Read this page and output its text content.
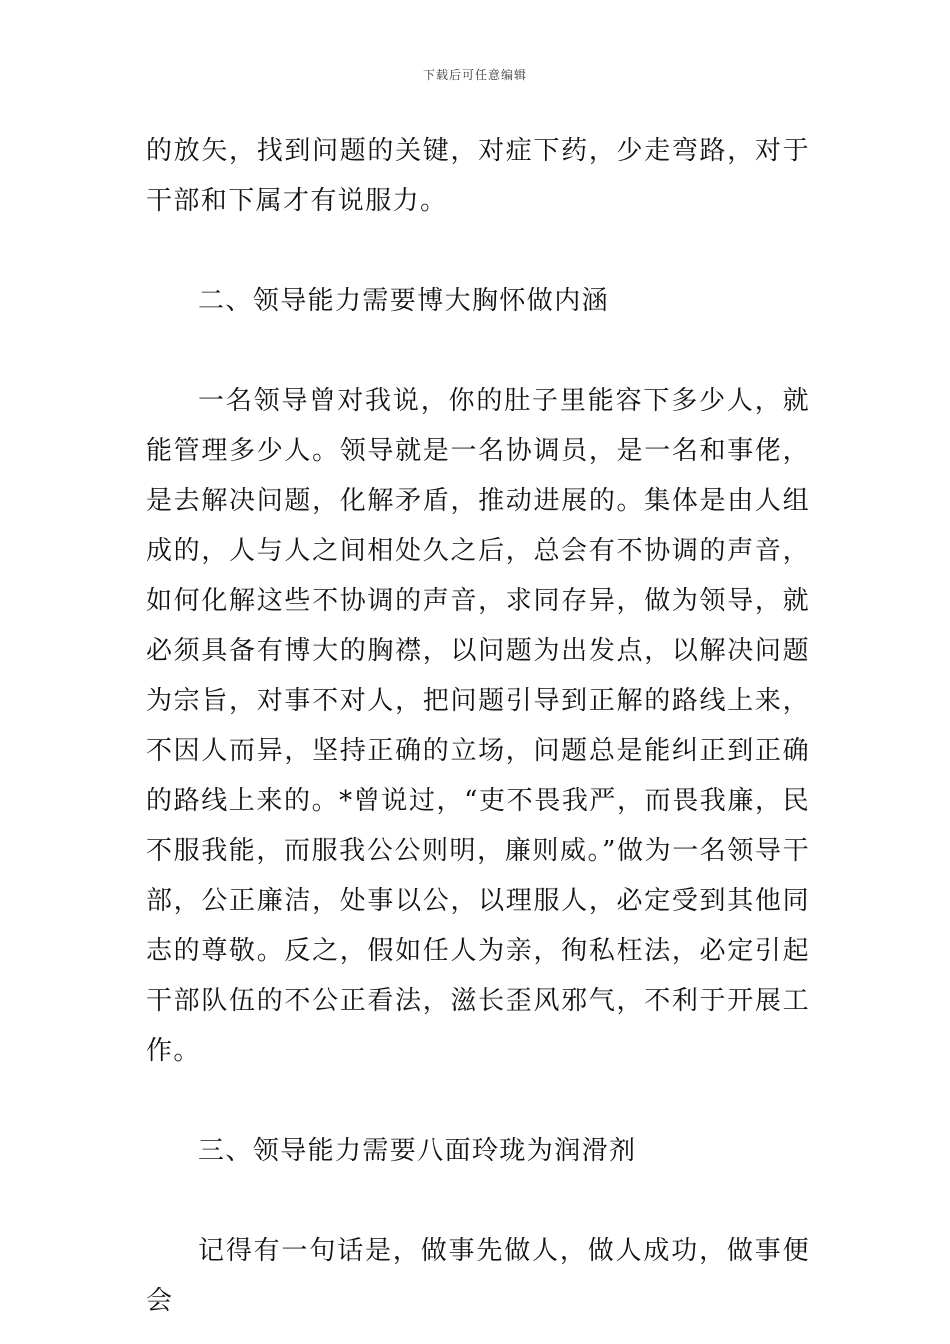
下载后可任意编辑

的放矢，找到问题的关键，对症下药，少走弯路，对于干部和下属才有说服力。

二、领导能力需要博大胸怀做内涵

一名领导曾对我说，你的肚子里能容下多少人，就能管理多少人。领导就是一名协调员，是一名和事佬，是去解决问题，化解矛盾，推动进展的。集体是由人组成的，人与人之间相处久之后，总会有不协调的声音，如何化解这些不协调的声音，求同存异，做为领导，就必须具备有博大的胸襟，以问题为出发点，以解决问题为宗旨，对事不对人，把问题引导到正解的路线上来，不因人而异，坚持正确的立场，问题总是能纠正到正确的路线上来的。*曾说过，“吏不畏我严，而畏我廉，民不服我能，而服我公公则明，廉则威。”做为一名领导干部，公正廉洁，处事以公，以理服人，必定受到其他同志的尊敬。反之，假如任人为亲，徇私枉法，必定引起干部队伍的不公正看法，滋长歪风邪气，不利于开展工作。

三、领导能力需要八面玲珑为润滑剂

记得有一句话是，做事先做人，做人成功，做事便会
